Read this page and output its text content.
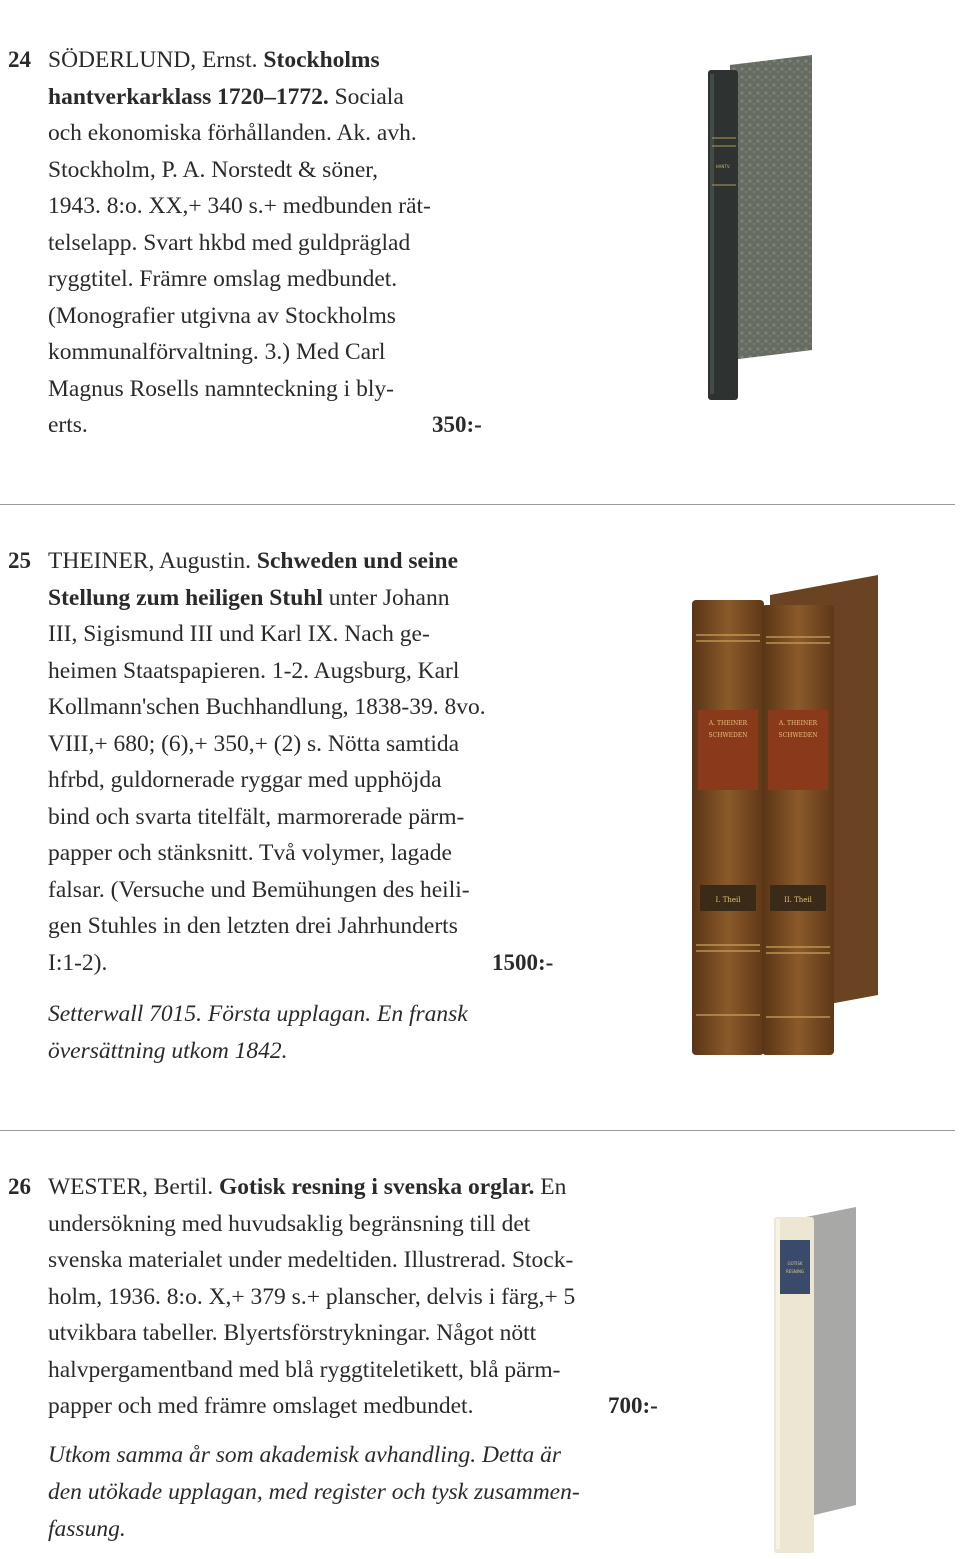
24 SÖDERLUND, Ernst. Stockholms
hantverkarklass 1720–1772. Sociala
och ekonomiska förhållanden. Ak. avh.
Stockholm, P. A. Norstedt & söner,
1943. 8:o. XX,+ 340 s.+ medbunden rät-
telselapp. Svart hkbd med guldpräglad
ryggtitel. Främre omslag medbundet.
(Monografier utgivna av Stockholms
kommunalförvaltning. 3.) Med Carl
Magnus Rosells namnteckning i bly-
erts.	350:-
HANTV.
25 THEINER, Augustin. Schweden und seine
Stellung zum heiligen Stuhl unter Johann
III, Sigismund III und Karl IX. Nach ge-
heimen Staatspapieren. 1-2. Augsburg, Karl
Kollmann'schen Buchhandlung, 1838-39. 8vo.
VIII,+ 680; (6),+ 350,+ (2) s. Nötta samtida
hfrbd, guldornerade ryggar med upphöjda
bind och svarta titelfält, marmorerade pärm-
papper och stänksnitt. Två volymer, lagade
falsar. (Versuche und Bemühungen des heili-
gen Stuhles in den letzten drei Jahrhunderts
I:1-2).	1500:-

Setterwall 7015. Första upplagan. En fransk
översättning utkom 1842.

A. THEINER	A. THEINER
SCHWEDEN	SCHWEDEN
I. Theil	II. Theil
26 WESTER, Bertil. Gotisk resning i svenska orglar. En
undersökning med huvudsaklig begränsning till det
svenska materialet under medeltiden. Illustrerad. Stock-
holm, 1936. 8:o. X,+ 379 s.+ planscher, delvis i färg,+ 5
utvikbara tabeller. Blyertsförstrykningar. Något nött
halvpergamentband med blå ryggtiteletikett, blå pärm-
papper och med främre omslaget medbundet.	700:-

Utkom samma år som akademisk avhandling. Detta är
den utökade upplagan, med register och tysk zusammen-
fassung.

GOTISK
RESNING
